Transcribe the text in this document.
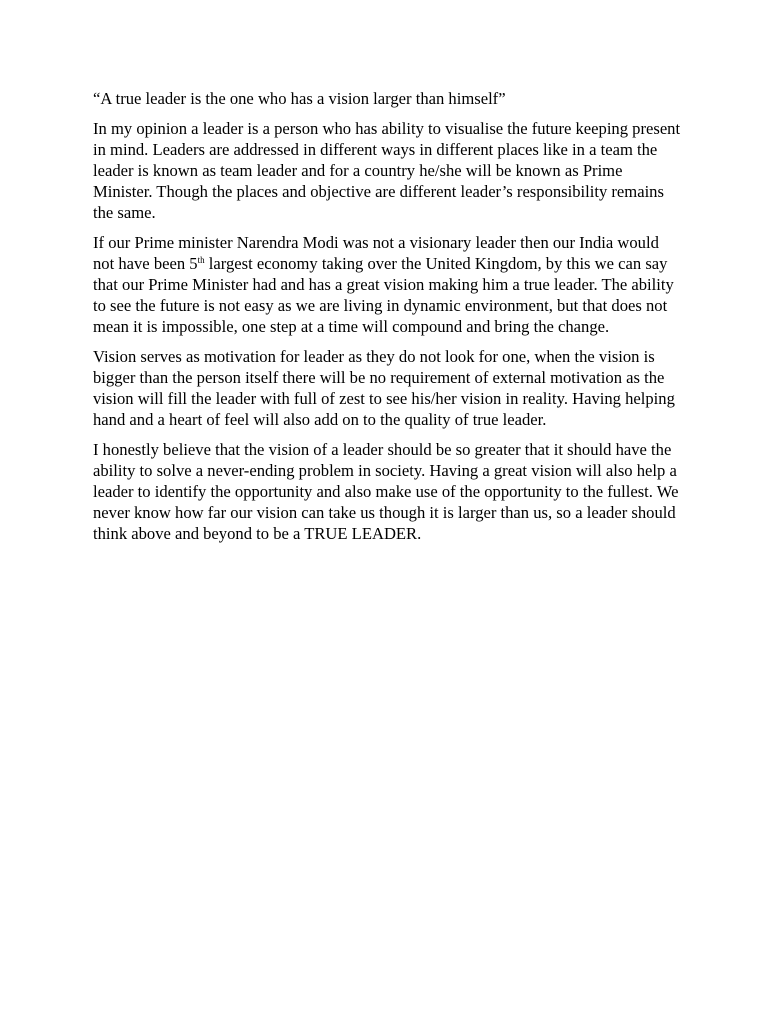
“A true leader is the one who has a vision larger than himself”

In my opinion a leader is a person who has ability to visualise the future keeping present in mind. Leaders are addressed in different ways in different places like in a team the leader is known as team leader and for a country he/she will be known as Prime Minister. Though the places and objective are different leader’s responsibility remains the same.

If our Prime minister Narendra Modi was not a visionary leader then our India would not have been 5th largest economy taking over the United Kingdom, by this we can say that our Prime Minister had and has a great vision making him a true leader. The ability to see the future is not easy as we are living in dynamic environment, but that does not mean it is impossible, one step at a time will compound and bring the change.

Vision serves as motivation for leader as they do not look for one, when the vision is bigger than the person itself there will be no requirement of external motivation as the vision will fill the leader with full of zest to see his/her vision in reality. Having helping hand and a heart of feel will also add on to the quality of true leader.

I honestly believe that the vision of a leader should be so greater that it should have the ability to solve a never-ending problem in society. Having a great vision will also help a leader to identify the opportunity and also make use of the opportunity to the fullest. We never know how far our vision can take us though it is larger than us, so a leader should think above and beyond to be a TRUE LEADER.
